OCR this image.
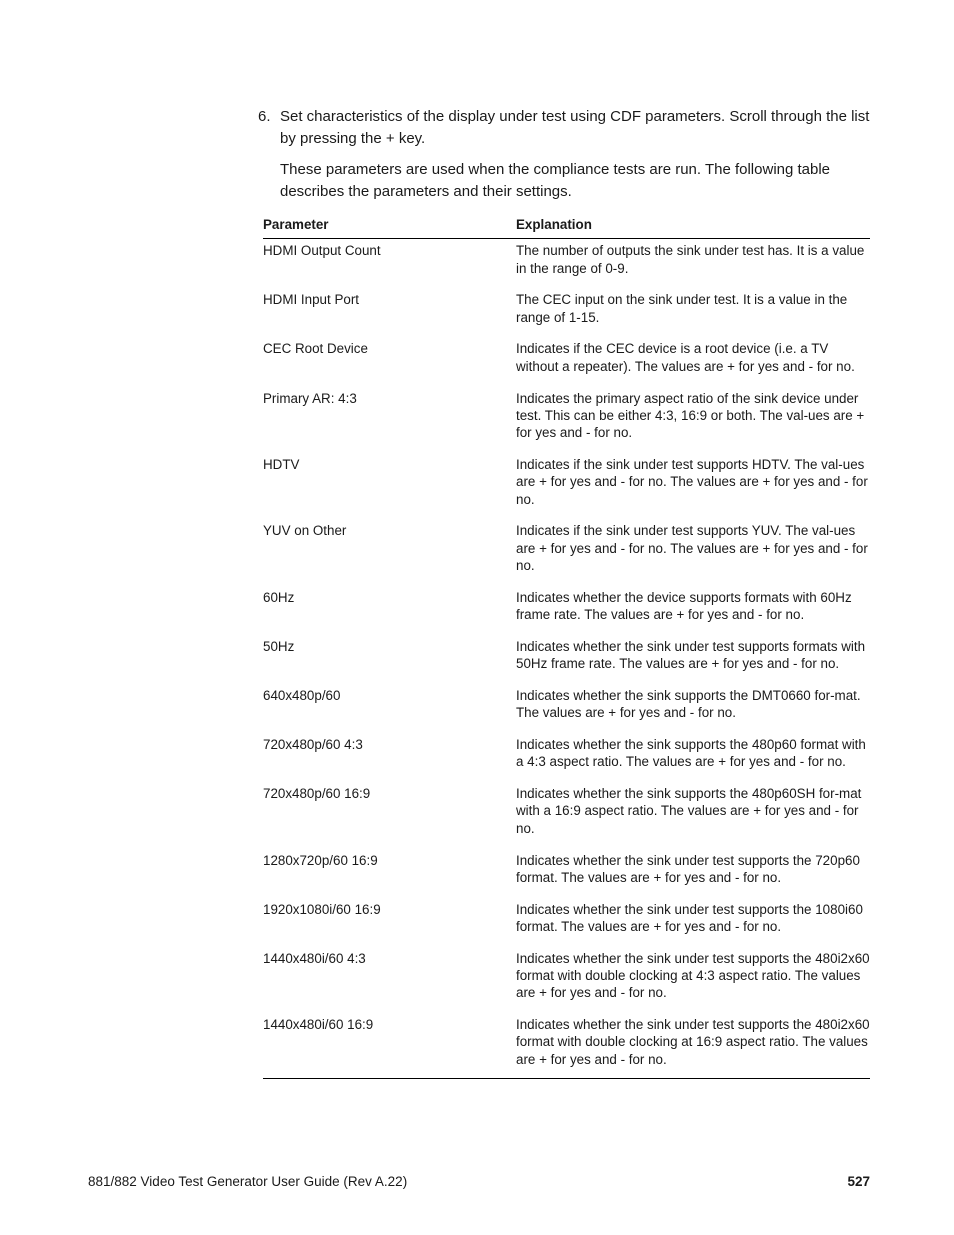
6. Set characteristics of the display under test using CDF parameters. Scroll through the list by pressing the + key.

These parameters are used when the compliance tests are run. The following table describes the parameters and their settings.

Parameter	Explanation
HDMI Output Count	The number of outputs the sink under test has. It is a value in the range of 0-9.
HDMI Input Port	The CEC input on the sink under test. It is a value in the range of 1-15.
CEC Root Device	Indicates if the CEC device is a root device (i.e. a TV without a repeater). The values are + for yes and - for no.
Primary AR: 4:3	Indicates the primary aspect ratio of the sink device under test. This can be either 4:3, 16:9 or both. The val-ues are + for yes and - for no.
HDTV	Indicates if the sink under test supports HDTV. The val-ues are + for yes and - for no. The values are + for yes and - for no.
YUV on Other	Indicates if the sink under test supports YUV. The val-ues are + for yes and - for no. The values are + for yes and - for no.
60Hz	Indicates whether the device supports formats with 60Hz frame rate. The values are + for yes and - for no.
50Hz	Indicates whether the sink under test supports formats with 50Hz frame rate. The values are + for yes and - for no.
640x480p/60	Indicates whether the sink supports the DMT0660 for-mat. The values are + for yes and - for no.
720x480p/60 4:3	Indicates whether the sink supports the 480p60 format with a 4:3 aspect ratio. The values are + for yes and - for no.
720x480p/60 16:9	Indicates whether the sink supports the 480p60SH for-mat with a 16:9 aspect ratio. The values are + for yes and - for no.
1280x720p/60 16:9	Indicates whether the sink under test supports the 720p60 format. The values are + for yes and - for no.
1920x1080i/60 16:9	Indicates whether the sink under test supports the 1080i60 format. The values are + for yes and - for no.
1440x480i/60 4:3	Indicates whether the sink under test supports the 480i2x60 format with double clocking at 4:3 aspect ratio. The values are + for yes and - for no.
1440x480i/60 16:9	Indicates whether the sink under test supports the 480i2x60 format with double clocking at 16:9 aspect ratio. The values are + for yes and - for no.
881/882 Video Test Generator User Guide (Rev A.22)	527
